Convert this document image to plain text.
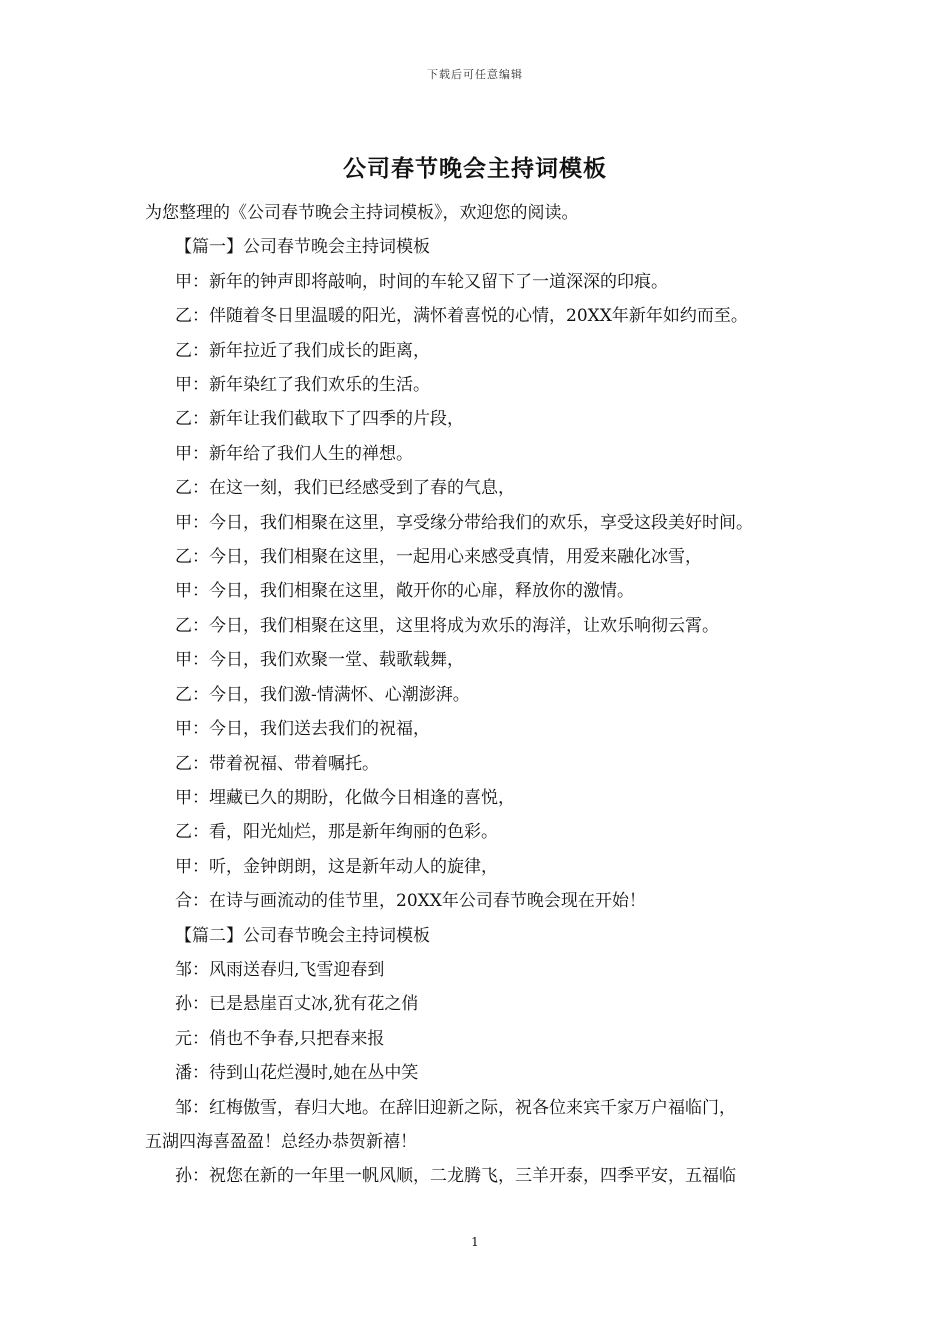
下载后可任意编辑
公司春节晚会主持词模板

为您整理的《公司春节晚会主持词模板》，欢迎您的阅读。

【篇一】公司春节晚会主持词模板

甲：新年的钟声即将敲响，时间的车轮又留下了一道深深的印痕。

乙：伴随着冬日里温暖的阳光，满怀着喜悦的心情，20XX年新年如约而至。

乙：新年拉近了我们成长的距离，

甲：新年染红了我们欢乐的生活。

乙：新年让我们截取下了四季的片段，

甲：新年给了我们人生的禅想。

乙：在这一刻，我们已经感受到了春的气息，

甲：今日，我们相聚在这里，享受缘分带给我们的欢乐，享受这段美好时间。

乙：今日，我们相聚在这里，一起用心来感受真情，用爱来融化冰雪，

甲：今日，我们相聚在这里，敞开你的心扉，释放你的激情。

乙：今日，我们相聚在这里，这里将成为欢乐的海洋，让欢乐响彻云霄。

甲：今日，我们欢聚一堂、载歌载舞，

乙：今日，我们激-情满怀、心潮澎湃。

甲：今日，我们送去我们的祝福，

乙：带着祝福、带着嘱托。

甲：埋藏已久的期盼，化做今日相逢的喜悦，

乙：看，阳光灿烂，那是新年绚丽的色彩。

甲：听，金钟朗朗，这是新年动人的旋律，

合：在诗与画流动的佳节里，20XX年公司春节晚会现在开始！

【篇二】公司春节晚会主持词模板

邹：风雨送春归,飞雪迎春到

孙：已是悬崖百丈冰,犹有花之俏

元：俏也不争春,只把春来报

潘：待到山花烂漫时,她在丛中笑

邹：红梅傲雪，春归大地。在辞旧迎新之际，祝各位来宾千家万户福临门，

五湖四海喜盈盈！总经办恭贺新禧！

孙：祝您在新的一年里一帆风顺，二龙腾飞，三羊开泰，四季平安，五福临

1
